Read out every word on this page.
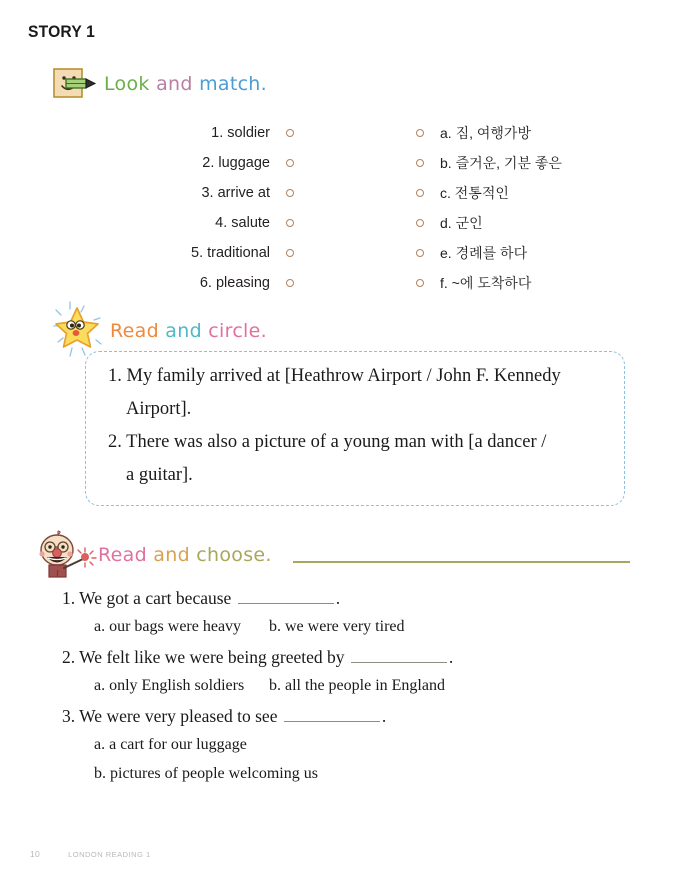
STORY 1
Look and match.
1. soldier	a. 짐, 여행가방
2. luggage	b. 즐거운, 기분 좋은
3. arrive at	c. 전통적인
4. salute	d. 군인
5. traditional	e. 경례를 하다
6. pleasing	f. ~에 도착하다
Read and circle.
1. My family arrived at [Heathrow Airport / John F. Kennedy
Airport].
2. There was also a picture of a young man with [a dancer /
a guitar].
Read and choose.
1. We got a cart because	.
a. our bags were heavy	b. we were very tired
2. We felt like we were being greeted by	.
a. only English soldiers	b. all the people in England
3. We were very pleased to see	.
a. a cart for our luggage
b. pictures of people welcoming us
10	LONDON READING 1
